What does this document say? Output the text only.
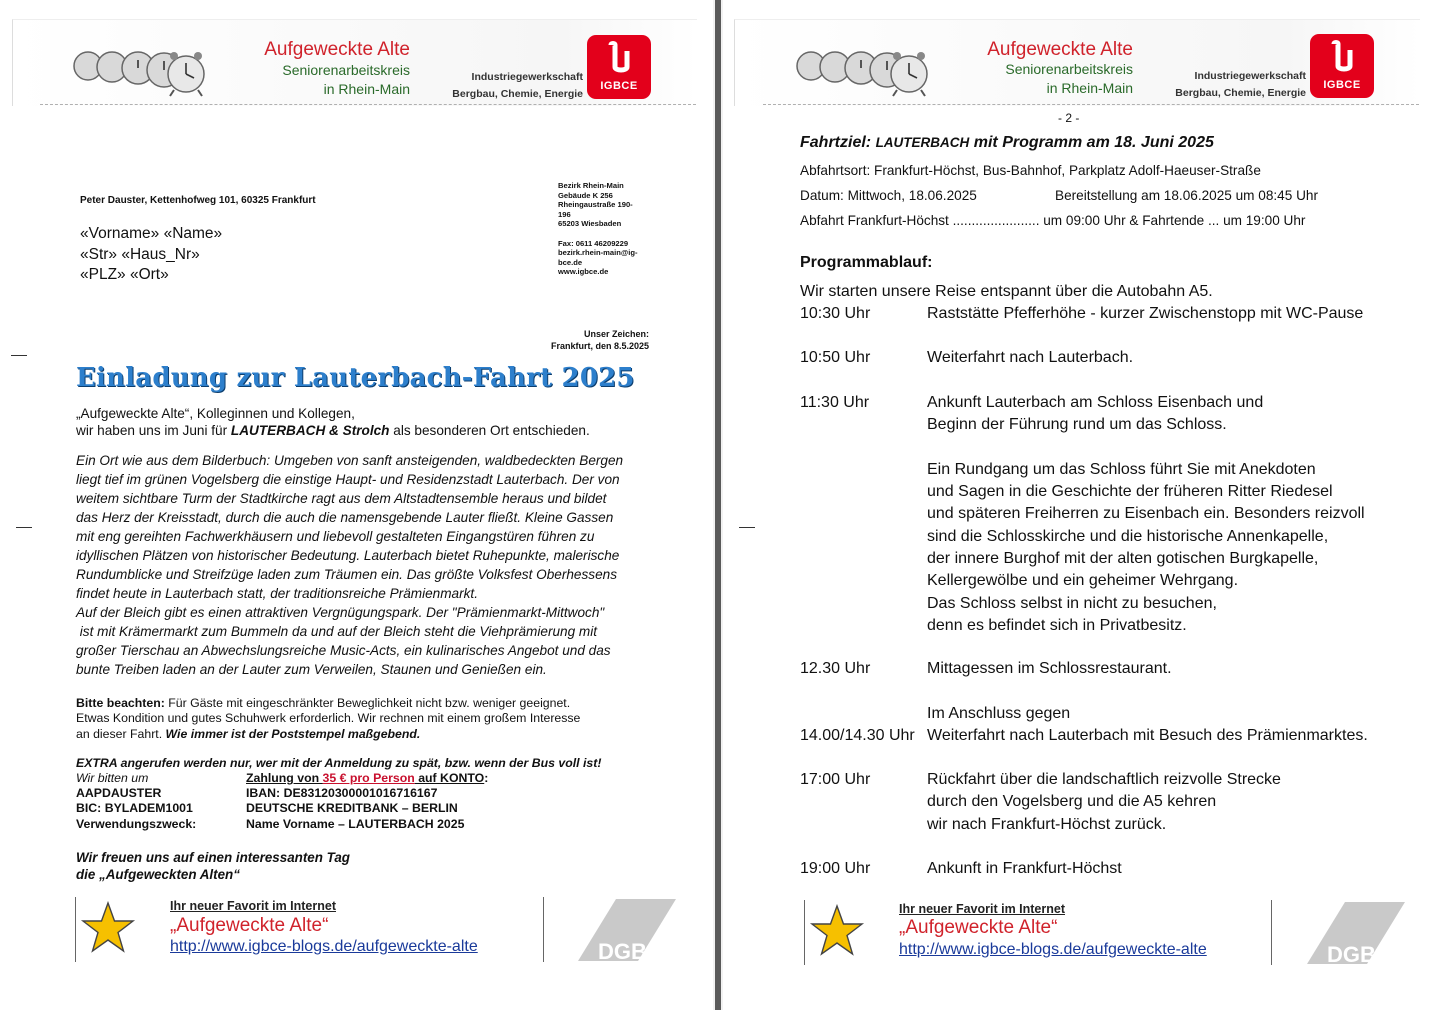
Aufgeweckte Alte
Seniorenarbeitskreis
in Rhein-Main
Industriegewerkschaft
Bergbau, Chemie, Energie
IGBCE
Peter Dauster, Kettenhofweg 101, 60325 Frankfurt
«Vorname» «Name»
«Str» «Haus_Nr»
«PLZ» «Ort»
Bezirk Rhein-Main
Gebäude K 256
Rheingaustraße 190-
196
65203 Wiesbaden
Fax: 0611 46209229
bezirk.rhein-main@ig-
bce.de
www.igbce.de
Unser Zeichen:
Frankfurt, den 8.5.2025
Einladung zur Lauterbach-Fahrt 2025
„Aufgeweckte Alte“, Kolleginnen und Kollegen,
wir haben uns im Juni für LAUTERBACH & Strolch als besonderen Ort entschieden.
Ein Ort wie aus dem Bilderbuch: Umgeben von sanft ansteigenden, waldbedeckten Bergen
liegt tief im grünen Vogelsberg die einstige Haupt- und Residenzstadt Lauterbach. Der von
weitem sichtbare Turm der Stadtkirche ragt aus dem Altstadtensemble heraus und bildet
das Herz der Kreisstadt, durch die auch die namensgebende Lauter fließt. Kleine Gassen
mit eng gereihten Fachwerkhäusern und liebevoll gestalteten Eingangstüren führen zu
idyllischen Plätzen von historischer Bedeutung. Lauterbach bietet Ruhepunkte, malerische
Rundumblicke und Streifzüge laden zum Träumen ein. Das größte Volksfest Oberhessens
findet heute in Lauterbach statt, der traditionsreiche Prämienmarkt.
Auf der Bleich gibt es einen attraktiven Vergnügungspark. Der "Prämienmarkt-Mittwoch"
ist mit Krämermarkt zum Bummeln da und auf der Bleich steht die Viehprämierung mit
großer Tierschau an Abwechslungsreiche Music-Acts, ein kulinarisches Angebot und das
bunte Treiben laden an der Lauter zum Verweilen, Staunen und Genießen ein.
Bitte beachten: Für Gäste mit eingeschränkter Beweglichkeit nicht bzw. weniger geeignet.
Etwas Kondition und gutes Schuhwerk erforderlich. Wir rechnen mit einem großem Interesse
an dieser Fahrt. Wie immer ist der Poststempel maßgebend.
EXTRA angerufen werden nur, wer mit der Anmeldung zu spät, bzw. wenn der Bus voll ist!
Wir bitten um	Zahlung von 35 € pro Person auf KONTO:
AAPDAUSTER	IBAN: DE83120300001016716167
BIC: BYLADEM1001	DEUTSCHE KREDITBANK – BERLIN
Verwendungszweck:	Name Vorname – LAUTERBACH 2025
Wir freuen uns auf einen interessanten Tag
die „Aufgeweckten Alten“
Ihr neuer Favorit im Internet
„Aufgeweckte Alte“
http://www.igbce-blogs.de/aufgeweckte-alte	DGB
Aufgeweckte Alte
Seniorenarbeitskreis
in Rhein-Main
Industriegewerkschaft
Bergbau, Chemie, Energie
IGBCE
- 2 -
Fahrtziel: LAUTERBACH mit Programm am 18. Juni 2025
Abfahrtsort: Frankfurt-Höchst, Bus-Bahnhof, Parkplatz Adolf-Haeuser-Straße
Datum: Mittwoch, 18.06.2025	Bereitstellung am 18.06.2025 um 08:45 Uhr
Abfahrt Frankfurt-Höchst ....................... um 09:00 Uhr & Fahrtende ... um 19:00 Uhr
Programmablauf:
Wir starten unsere Reise entspannt über die Autobahn A5.
10:30 Uhr	Raststätte Pfefferhöhe - kurzer Zwischenstopp mit WC-Pause
10:50 Uhr	Weiterfahrt nach Lauterbach.
11:30 Uhr	Ankunft Lauterbach am Schloss Eisenbach und
Beginn der Führung rund um das Schloss.
Ein Rundgang um das Schloss führt Sie mit Anekdoten
und Sagen in die Geschichte der früheren Ritter Riedesel
und späteren Freiherren zu Eisenbach ein. Besonders reizvoll
sind die Schlosskirche und die historische Annenkapelle,
der innere Burghof mit der alten gotischen Burgkapelle,
Kellergewölbe und ein geheimer Wehrgang.
Das Schloss selbst in nicht zu besuchen,
denn es befindet sich in Privatbesitz.
12.30 Uhr	Mittagessen im Schlossrestaurant.
Im Anschluss gegen
14.00/14.30 Uhr Weiterfahrt nach Lauterbach mit Besuch des Prämienmarktes.
17:00 Uhr	Rückfahrt über die landschaftlich reizvolle Strecke
durch den Vogelsberg und die A5 kehren
wir nach Frankfurt-Höchst zurück.
19:00 Uhr	Ankunft in Frankfurt-Höchst
Ihr neuer Favorit im Internet
„Aufgeweckte Alte“
http://www.igbce-blogs.de/aufgeweckte-alte	DGB
